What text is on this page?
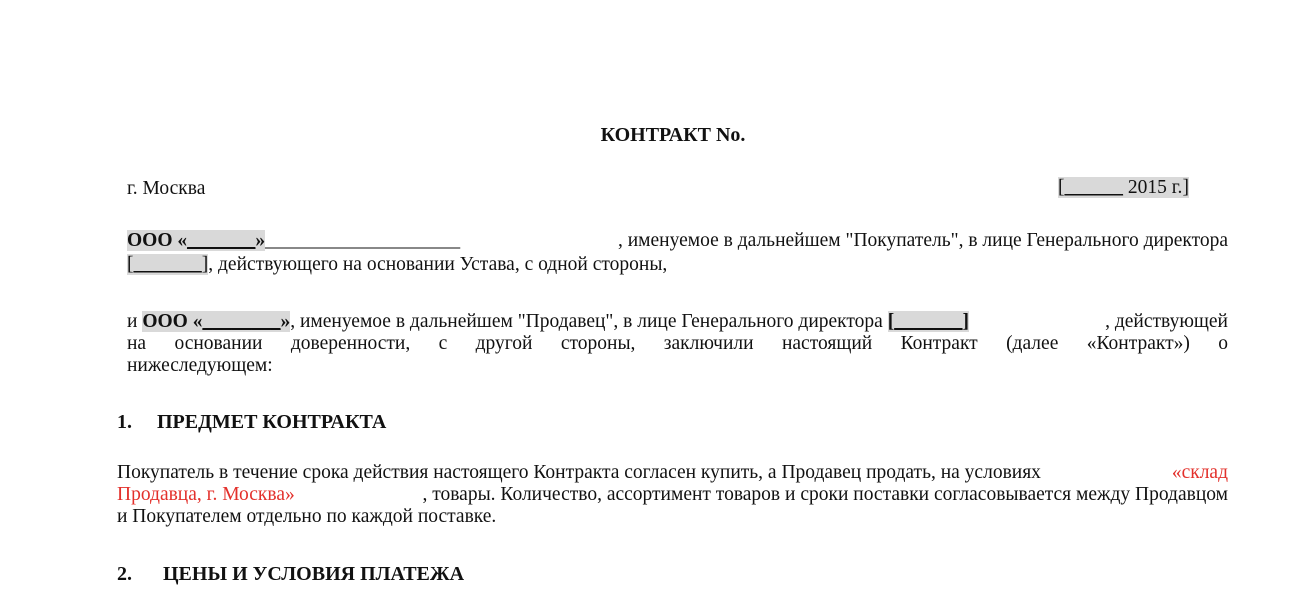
КОНТРАКТ No.
г. Москва	[______ 2015 г.]
ООО «_______»____________________	, именуемое в дальнейшем "Покупатель", в лице Генерального директора
[_______], действующего на основании Устава, с одной стороны,
и ООО «________», именуемое в дальнейшем "Продавец", в лице Генерального директора [_______]	, действующей
на основании доверенности, с другой стороны, заключили настоящий Контракт (далее «Контракт») о
нижеследующем:
1. ПРЕДМЕТ КОНТРАКТА
Покупатель в течение срока действия настоящего Контракта согласен купить, а Продавец продать, на условиях	«склад
Продавца, г. Москва»	, товары. Количество, ассортимент товаров и сроки поставки согласовывается между Продавцом
и Покупателем отдельно по каждой поставке.
2. ЦЕНЫ И УСЛОВИЯ ПЛАТЕЖА
